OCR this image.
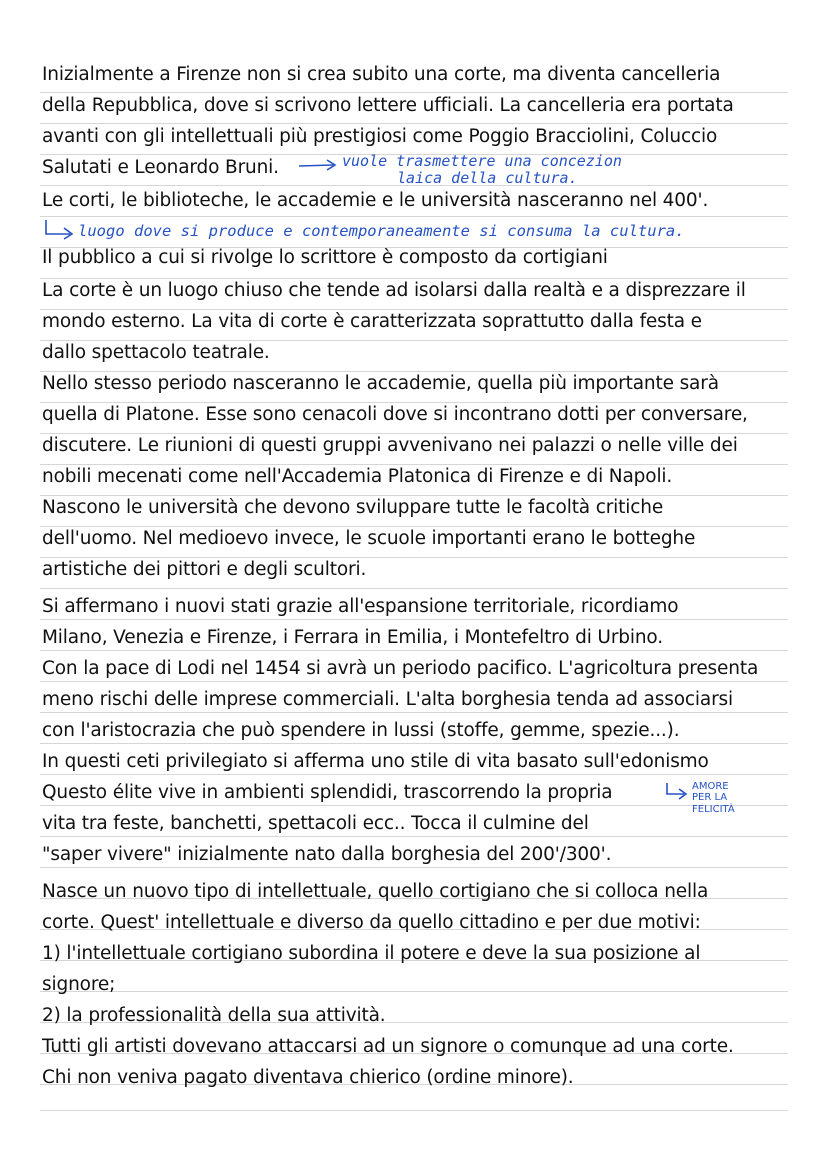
Inizialmente a Firenze non si crea subito una corte, ma diventa cancelleria
della Repubblica, dove si scrivono lettere ufficiali. La cancelleria era portata
avanti con gli intellettuali più prestigiosi come Poggio Bracciolini, Coluccio
Salutati e Leonardo Bruni.
Le corti, le biblioteche, le accademie e le università nasceranno nel 400'.
Il pubblico a cui si rivolge lo scrittore è composto da cortigiani
La corte è un luogo chiuso che tende ad isolarsi dalla realtà e a disprezzare il
mondo esterno. La vita di corte è caratterizzata soprattutto dalla festa e
dallo spettacolo teatrale.
Nello stesso periodo nasceranno le accademie, quella più importante sarà
quella di Platone. Esse sono cenacoli dove si incontrano dotti per conversare,
discutere. Le riunioni di questi gruppi avvenivano nei palazzi o nelle ville dei
nobili mecenati come nell'Accademia Platonica di Firenze e di Napoli.
Nascono le università che devono sviluppare tutte le facoltà critiche
dell'uomo. Nel medioevo invece, le scuole importanti erano le botteghe
artistiche dei pittori e degli scultori.
Si affermano i nuovi stati grazie all'espansione territoriale, ricordiamo
Milano, Venezia e Firenze, i Ferrara in Emilia, i Montefeltro di Urbino.
Con la pace di Lodi nel 1454 si avrà un periodo pacifico. L'agricoltura presenta
meno rischi delle imprese commerciali. L'alta borghesia tenda ad associarsi
con l'aristocrazia che può spendere in lussi (stoffe, gemme, spezie...).
In questi ceti privilegiato si afferma uno stile di vita basato sull'edonismo
Questo élite vive in ambienti splendidi, trascorrendo la propria
vita tra feste, banchetti, spettacoli ecc.. Tocca il culmine del
"saper vivere" inizialmente nato dalla borghesia del 200'/300'.
Nasce un nuovo tipo di intellettuale, quello cortigiano che si colloca nella
corte. Quest' intellettuale e diverso da quello cittadino e per due motivi:
1) l'intellettuale cortigiano subordina il potere e deve la sua posizione al
signore;
2) la professionalità della sua attività.
Tutti gli artisti dovevano attaccarsi ad un signore o comunque ad una corte.
Chi non veniva pagato diventava chierico (ordine minore).
vuole trasmettere una concezion
laica della cultura.
luogo dove si produce e contemporaneamente si consuma la cultura.
AMORE
PER LA
FELICITÀ
